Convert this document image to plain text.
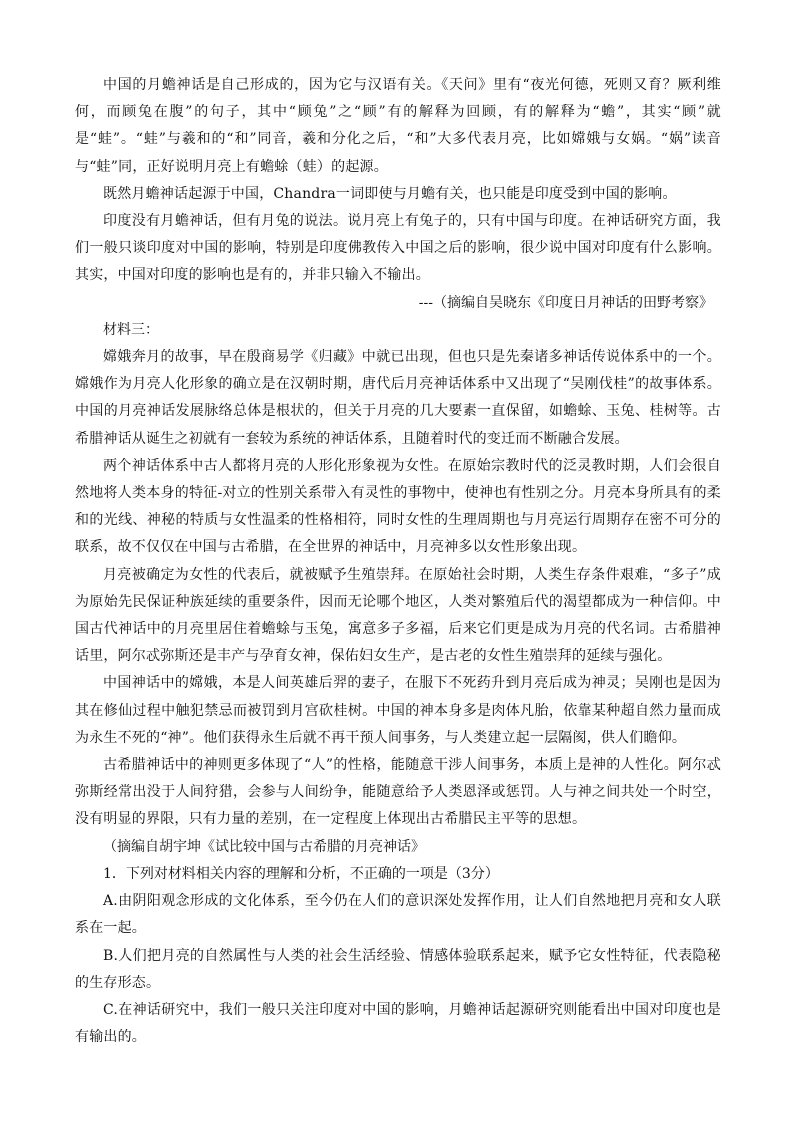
中国的月蟾神话是自己形成的，因为它与汉语有关。《天问》里有“夜光何德，死则又育？厥利维何，而顾兔在腹”的句子，其中“顾兔”之“顾”有的解释为回顾，有的解释为“蟾”，其实“顾”就是“蛙”。“蛙”与羲和的“和”同音，羲和分化之后，“和”大多代表月亮，比如嫦娥与女娲。“娲”读音与“蛙”同，正好说明月亮上有蟾蜍（蛙）的起源。

既然月蟾神话起源于中国，Chandra一词即使与月蟾有关，也只能是印度受到中国的影响。

印度没有月蟾神话，但有月兔的说法。说月亮上有兔子的，只有中国与印度。在神话研究方面，我们一般只谈印度对中国的影响，特别是印度佛教传入中国之后的影响，很少说中国对印度有什么影响。其实，中国对印度的影响也是有的，并非只输入不输出。

---（摘编自吴晓东《印度日月神话的田野考察》

材料三：

嫦娥奔月的故事，早在殷商易学《归藏》中就已出现，但也只是先秦诸多神话传说体系中的一个。嫦娥作为月亮人化形象的确立是在汉朝时期，唐代后月亮神话体系中又出现了“吴刚伐桂”的故事体系。中国的月亮神话发展脉络总体是根状的，但关于月亮的几大要素一直保留，如蟾蜍、玉兔、桂树等。古希腊神话从诞生之初就有一套较为系统的神话体系，且随着时代的变迁而不断融合发展。

两个神话体系中古人都将月亮的人形化形象视为女性。在原始宗教时代的泛灵教时期，人们会很自然地将人类本身的特征-对立的性别关系带入有灵性的事物中，使神也有性别之分。月亮本身所具有的柔和的光线、神秘的特质与女性温柔的性格相符，同时女性的生理周期也与月亮运行周期存在密不可分的联系，故不仅仅在中国与古希腊，在全世界的神话中，月亮神多以女性形象出现。

月亮被确定为女性的代表后，就被赋予生殖崇拜。在原始社会时期，人类生存条件艰难，“多子”成为原始先民保证种族延续的重要条件，因而无论哪个地区，人类对繁殖后代的渴望都成为一种信仰。中国古代神话中的月亮里居住着蟾蜍与玉兔，寓意多子多福，后来它们更是成为月亮的代名词。古希腊神话里，阿尔忒弥斯还是丰产与孕育女神，保佑妇女生产，是古老的女性生殖崇拜的延续与强化。

中国神话中的嫦娥，本是人间英雄后羿的妻子，在服下不死药升到月亮后成为神灵；吴刚也是因为其在修仙过程中触犯禁忌而被罚到月宫砍桂树。中国的神本身多是肉体凡胎，依靠某种超自然力量而成为永生不死的“神”。他们获得永生后就不再干预人间事务，与人类建立起一层隔阂，供人们瞻仰。

古希腊神话中的神则更多体现了“人”的性格，能随意干涉人间事务，本质上是神的人性化。阿尔忒弥斯经常出没于人间狩猎，会参与人间纷争，能随意给予人类恩泽或惩罚。人与神之间共处一个时空，没有明显的界限，只有力量的差别，在一定程度上体现出古希腊民主平等的思想。

（摘编自胡宇坤《试比较中国与古希腊的月亮神话》

1．下列对材料相关内容的理解和分析，不正确的一项是（3分）

A.由阴阳观念形成的文化体系，至今仍在人们的意识深处发挥作用，让人们自然地把月亮和女人联系在一起。

B.人们把月亮的自然属性与人类的社会生活经验、情感体验联系起来，赋予它女性特征，代表隐秘的生存形态。

C.在神话研究中，我们一般只关注印度对中国的影响，月蟾神话起源研究则能看出中国对印度也是有输出的。
